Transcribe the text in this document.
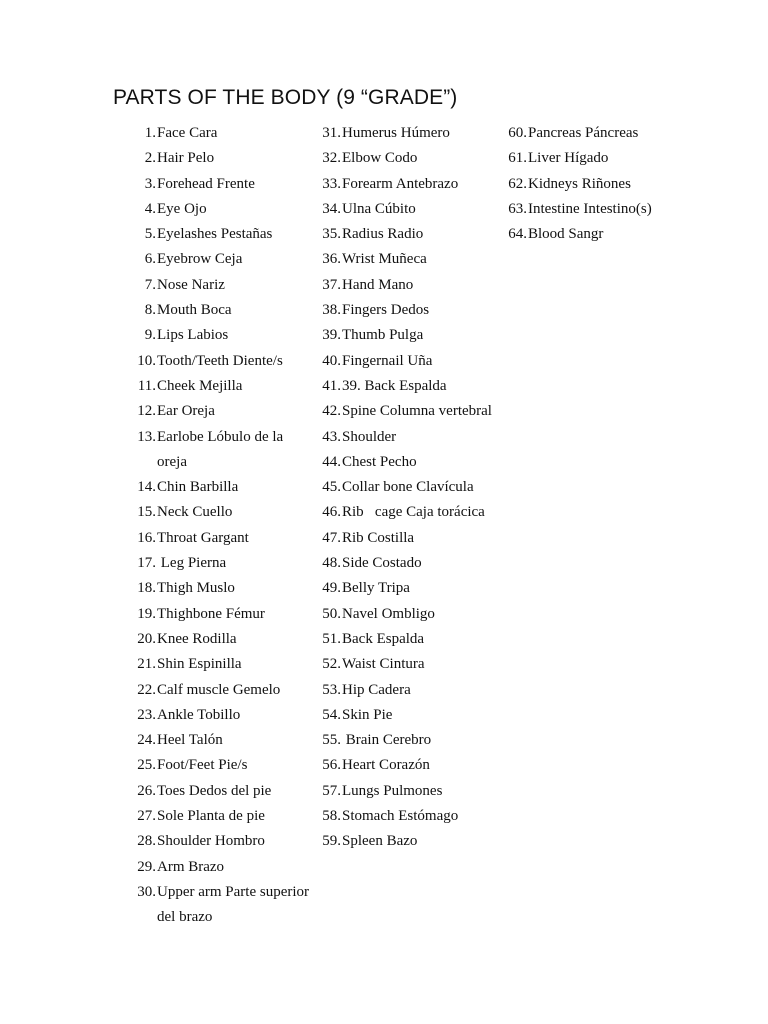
PARTS OF THE BODY (9 “GRADE”)
1. Face Cara
2. Hair Pelo
3. Forehead Frente
4. Eye Ojo
5. Eyelashes Pestañas
6. Eyebrow Ceja
7. Nose Nariz
8. Mouth Boca
9. Lips Labios
10. Tooth/Teeth Diente/s
11. Cheek Mejilla
12. Ear Oreja
13. Earlobe Lóbulo de la oreja
14. Chin Barbilla
15. Neck Cuello
16. Throat Gargant
17. Leg Pierna
18. Thigh Muslo
19. Thighbone Fémur
20. Knee Rodilla
21. Shin Espinilla
22. Calf muscle Gemelo
23. Ankle Tobillo
24. Heel Talón
25. Foot/Feet Pie/s
26. Toes Dedos del pie
27. Sole Planta de pie
28. Shoulder Hombro
29. Arm Brazo
30. Upper arm Parte superior del brazo
31. Humerus Húmero
32. Elbow Codo
33. Forearm Antebrazo
34. Ulna Cúbito
35. Radius Radio
36. Wrist Muñeca
37. Hand Mano
38. Fingers Dedos
39. Thumb Pulga
40. Fingernail Uña
41. 39. Back Espalda
42. Spine Columna vertebral
43. Shoulder
44. Chest Pecho
45. Collar bone Clavícula
46. Rib   cage Caja torácica
47. Rib Costilla
48. Side Costado
49. Belly Tripa
50. Navel Ombligo
51. Back Espalda
52. Waist Cintura
53. Hip Cadera
54. Skin Pie
55. Brain Cerebro
56. Heart Corazón
57. Lungs Pulmones
58. Stomach Estómago
59. Spleen Bazo
60. Pancreas Páncreas
61. Liver Hígado
62. Kidneys Riñones
63. Intestine Intestino(s)
64. Blood Sangr
